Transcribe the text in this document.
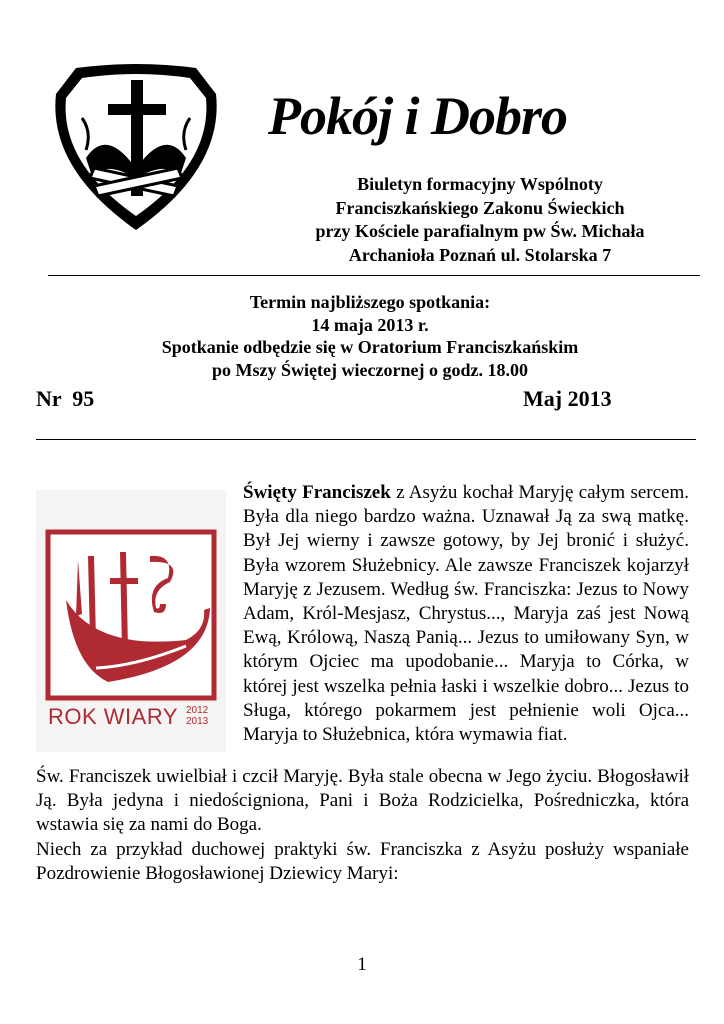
Pokój i Dobro
Biuletyn formacyjny Wspólnoty
Franciszkańskiego Zakonu Świeckich
przy Kościele parafialnym pw Św. Michała
Archanioła Poznań ul. Stolarska 7
Termin najbliższego spotkania:
14 maja 2013 r.
Spotkanie odbędzie się w Oratorium Franciszkańskim
po Mszy Świętej wieczornej o godz. 18.00
Nr  95	Maj 2013
ROK WIARY 2012
2013
Święty Franciszek z Asyżu kochał Maryję całym sercem. Była dla niego bardzo ważna. Uznawał Ją za swą matkę. Był Jej wierny i zawsze gotowy, by Jej bronić i służyć. Była wzorem Służebnicy. Ale zawsze Franciszek kojarzył Maryję z Jezusem. Według św. Franciszka: Jezus to Nowy Adam, Król-Mesjasz, Chrystus..., Maryja zaś jest Nową Ewą, Królową, Naszą Panią... Jezus to umiłowany Syn, w którym Ojciec ma upodobanie... Maryja to Córka, w której jest wszelka pełnia łaski i wszelkie dobro... Jezus to Sługa, którego pokarmem jest pełnienie woli Ojca... Maryja to Służebnica, która wymawia fiat.
Św. Franciszek uwielbiał i czcił Maryję. Była stale obecna w Jego życiu. Błogosławił Ją. Była jedyna i niedościgniona, Pani i Boża Rodzicielka, Pośredniczka, która wstawia się za nami do Boga.
Niech za przykład duchowej praktyki św. Franciszka z Asyżu posłuży wspaniałe Pozdrowienie Błogosławionej Dziewicy Maryi:
1
